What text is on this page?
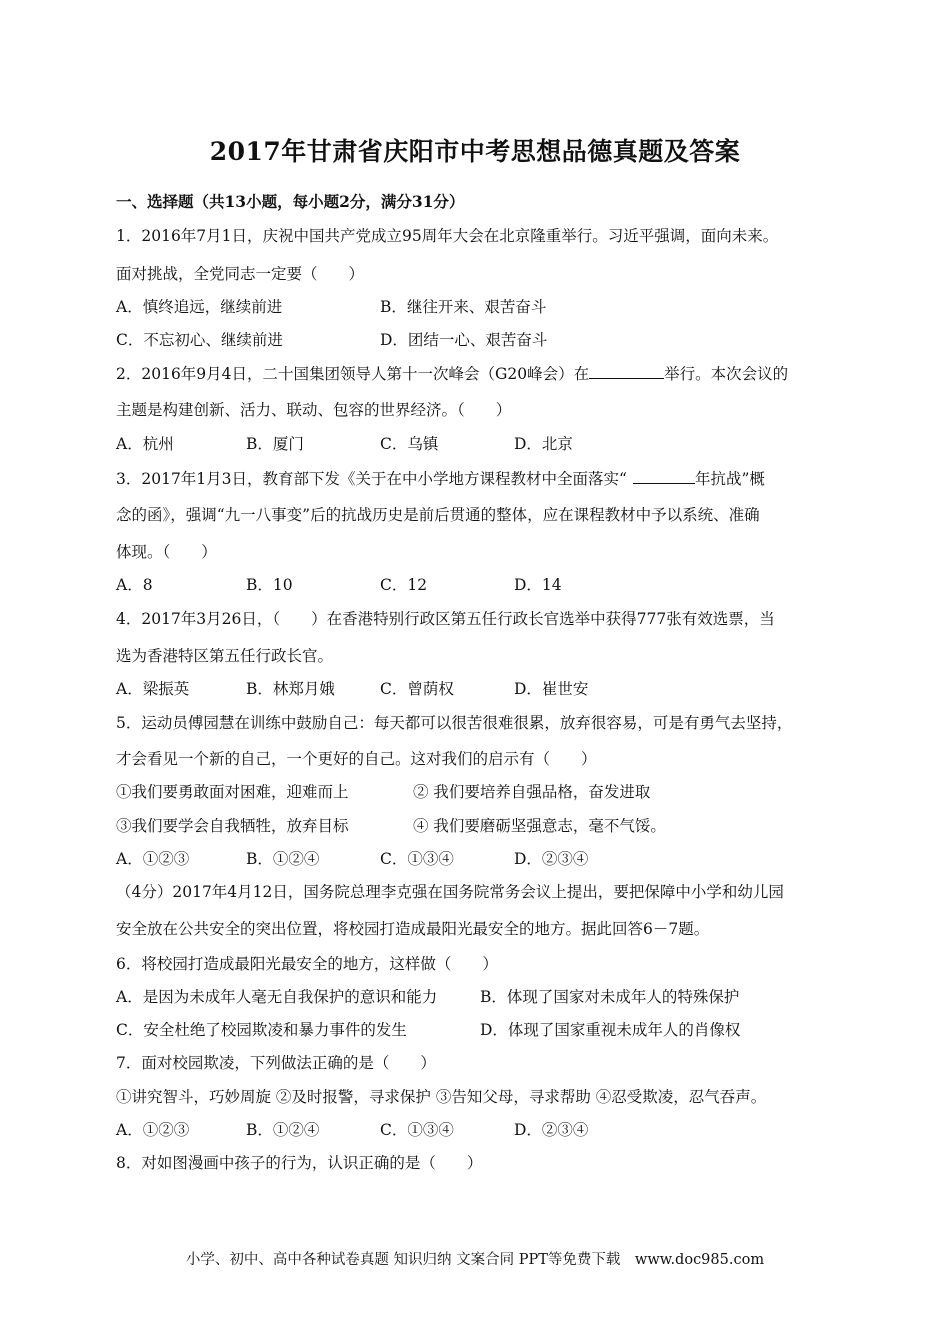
2017年甘肃省庆阳市中考思想品德真题及答案
一、选择题（共13小题，每小题2分，满分31分）
1．2016年7月1日，庆祝中国共产党成立95周年大会在北京隆重举行。习近平强调，面向未来。
面对挑战，全党同志一定要（　　）
A．慎终追远，继续前进	B．继往开来、艰苦奋斗
C．不忘初心、继续前进	D．团结一心、艰苦奋斗
2．2016年9月4日，二十国集团领导人第十一次峰会（G20峰会）在	举行。本次会议的
主题是构建创新、活力、联动、包容的世界经济。（　　）
A．杭州	B．厦门	C．乌镇	D．北京
3．2017年1月3日，教育部下发《关于在中小学地方课程教材中全面落实“	年抗战”概
念的函》，强调“九一八事变”后的抗战历史是前后贯通的整体，应在课程教材中予以系统、准确
体现。（　　）
A．8	B．10	C．12	D．14
4．2017年3月26日，（　　）在香港特别行政区第五任行政长官选举中获得777张有效选票，当
选为香港特区第五任行政长官。
A．梁振英	B．林郑月娥	C．曾荫权	D．崔世安
5．运动员傅园慧在训练中鼓励自己：每天都可以很苦很难很累，放弃很容易，可是有勇气去坚持，
才会看见一个新的自己，一个更好的自己。这对我们的启示有（　　）
①我们要勇敢面对困难，迎难而上	② 我们要培养自强品格，奋发进取
③我们要学会自我牺牲，放弃目标	④ 我们要磨砺坚强意志，毫不气馁。
A．①②③	B．①②④	C．①③④	D．②③④
（4分）2017年4月12日，国务院总理李克强在国务院常务会议上提出，要把保障中小学和幼儿园
安全放在公共安全的突出位置，将校园打造成最阳光最安全的地方。据此回答6－7题。
6．将校园打造成最阳光最安全的地方，这样做（　　）
A．是因为未成年人毫无自我保护的意识和能力	B．体现了国家对未成年人的特殊保护
C．安全杜绝了校园欺凌和暴力事件的发生	D．体现了国家重视未成年人的肖像权
7．面对校园欺凌，下列做法正确的是（　　）
①讲究智斗，巧妙周旋 ②及时报警，寻求保护 ③告知父母，寻求帮助 ④忍受欺凌，忍气吞声。
A．①②③	B．①②④	C．①③④	D．②③④
8．对如图漫画中孩子的行为，认识正确的是（　　）
小学、初中、高中各种试卷真题 知识归纳 文案合同 PPT等免费下载　www.doc985.com
